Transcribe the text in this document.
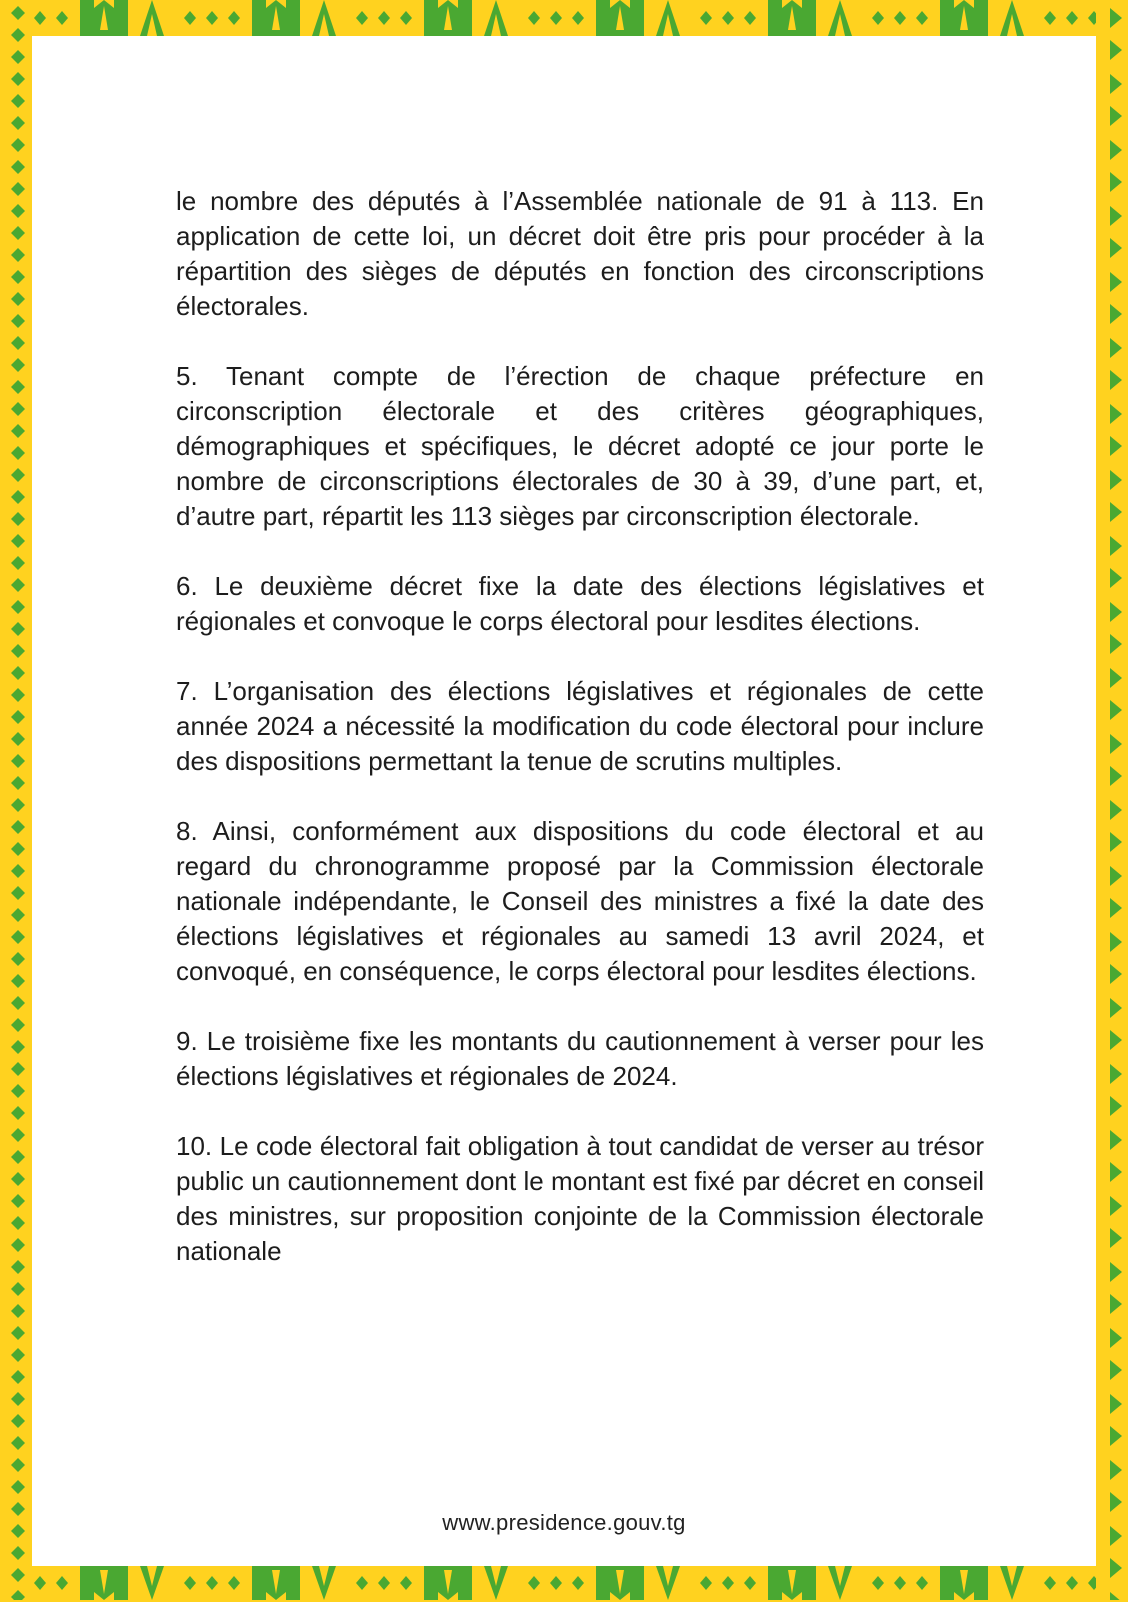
le nombre des députés à l’Assemblée nationale de 91 à 113. En application de cette loi, un décret doit être pris pour procéder à la répartition des sièges de députés en fonction des circonscriptions électorales.

5. Tenant compte de l’érection de chaque préfecture en circonscription électorale et des critères géographiques, démographiques et spécifiques, le décret adopté ce jour porte le nombre de circonscriptions électorales de 30 à 39, d’une part, et, d’autre part, répartit les 113 sièges par circonscription électorale.

6. Le deuxième décret fixe la date des élections législatives et régionales et convoque le corps électoral pour lesdites élections.

7. L’organisation des élections législatives et régionales de cette année 2024 a nécessité la modification du code électoral pour inclure des dispositions permettant la tenue de scrutins multiples.

8. Ainsi, conformément aux dispositions du code électoral et au regard du chronogramme proposé par la Commission électorale nationale indépendante, le Conseil des ministres a fixé la date des élections législatives et régionales au samedi 13 avril 2024, et convoqué, en conséquence, le corps électoral pour lesdites élections.

9. Le troisième fixe les montants du cautionnement à verser pour les élections législatives et régionales de 2024.

10. Le code électoral fait obligation à tout candidat de verser au trésor public un cautionnement dont le montant est fixé par décret en conseil des ministres, sur proposition conjointe de la Commission électorale nationale

www.presidence.gouv.tg
